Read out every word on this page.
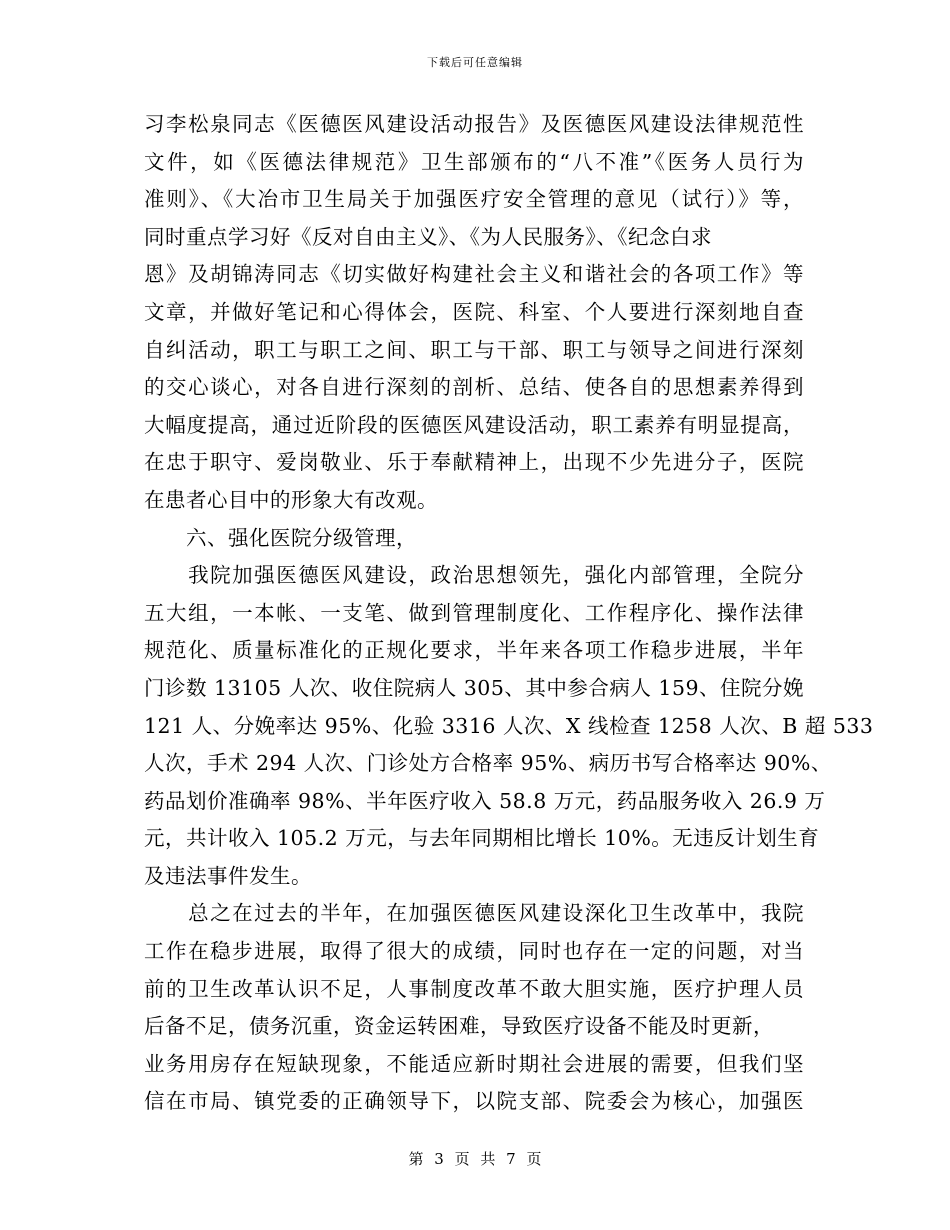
下载后可任意编辑
习李松泉同志《医德医风建设活动报告》及医德医风建设法律规范性
文件，如《医德法律规范》卫生部颁布的“八不准”《医务人员行为
准则》、《大冶市卫生局关于加强医疗安全管理的意见（试行）》等，
同时重点学习好《反对自由主义》、《为人民服务》、《纪念白求
恩》及胡锦涛同志《切实做好构建社会主义和谐社会的各项工作》等
文章，并做好笔记和心得体会，医院、科室、个人要进行深刻地自查
自纠活动，职工与职工之间、职工与干部、职工与领导之间进行深刻
的交心谈心，对各自进行深刻的剖析、总结、使各自的思想素养得到
大幅度提高，通过近阶段的医德医风建设活动，职工素养有明显提高，
在忠于职守、爱岗敬业、乐于奉献精神上，出现不少先进分子，医院
在患者心目中的形象大有改观。
　　六、强化医院分级管理，
　　我院加强医德医风建设，政治思想领先，强化内部管理，全院分
五大组，一本帐、一支笔、做到管理制度化、工作程序化、操作法律
规范化、质量标准化的正规化要求，半年来各项工作稳步进展，半年
门诊数 13105 人次、收住院病人 305、其中参合病人 159、住院分娩
121 人、分娩率达 95%、化验 3316 人次、X 线检查 1258 人次、B 超 533
人次，手术 294 人次、门诊处方合格率 95%、病历书写合格率达 90%、
药品划价准确率 98%、半年医疗收入 58.8 万元，药品服务收入 26.9 万
元，共计收入 105.2 万元，与去年同期相比增长 10%。无违反计划生育
及违法事件发生。
　　总之在过去的半年，在加强医德医风建设深化卫生改革中，我院
工作在稳步进展，取得了很大的成绩，同时也存在一定的问题，对当
前的卫生改革认识不足，人事制度改革不敢大胆实施，医疗护理人员
后备不足，债务沉重，资金运转困难，导致医疗设备不能及时更新，
业务用房存在短缺现象，不能适应新时期社会进展的需要，但我们坚
信在市局、镇党委的正确领导下，以院支部、院委会为核心，加强医
第 3 页 共 7 页
